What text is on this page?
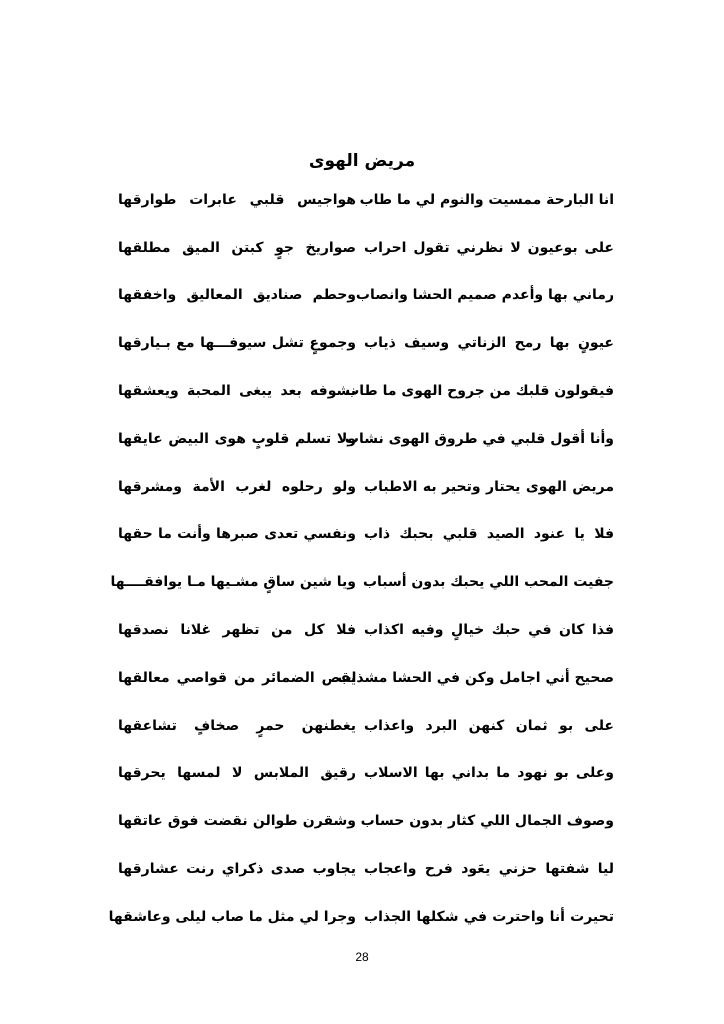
مريض الهوى
انا البارحة ممسيت والنوم لي ما طاب
هواجيس قلبي عابرات طوارقها
على بوعيون لا نظرني تقول احراب
صواريخ جوٍ كبتن الميق مطلقها
رماني بها وأعدم صميم الحشا وانصاب
وحطم صناديق المعاليق واخفقها
عيونٍ بها رمح الزناتي وسيف ذياب
وجموعٍ تشل سيوفـــها مع بـيارقها
فيقولون قلبك من جروح الهوى ما طاب
نشوفه بعد يبغى المحبة ويعشقها
وأنا أقول قلبي في طروق الهوى نشاب
ولا تسلم قلوبٍ هوى البيض عايقها
مريض الهوى يحتار وتحير به الاطباب
ولو رحلوه لغرب الأمة ومشرقها
فلا يا عنود الصيد قلبي بحبك ذاب
ونفسي تعدى صبرها وأنت ما حقها
جفيت المحب اللي يحبك بدون أسباب
ويا شين ساقٍ مشـيها مـا يوافقــــها
فذا كان في حبك خيالٍ وفيه اكذاب
فلا كل من تظهر غلانا نصدقها
صحيح أني اجامل وكن في الحشا مشذاب
يقص الضمائر من قواصي معالقها
على بو ثمان كنهن البرد واعذاب
يغطنهن حمرٍ صخافٍ تشاعقها
وعلى بو نهود ما بداني بها الاسلاب
رقيق الملابس لا لمسها يحرقها
وصوف الجمال اللي كثار بدون حساب
وشقرن طوالن نقضت فوق عاتقها
ليا شفتها حزني يعَود فرح واعجاب
يجاوب صدى ذكراي رنت عشارقها
تحيرت أنا واحترت في شكلها الجذاب
وجرا لي مثل ما صاب ليلى وعاشقها
28
